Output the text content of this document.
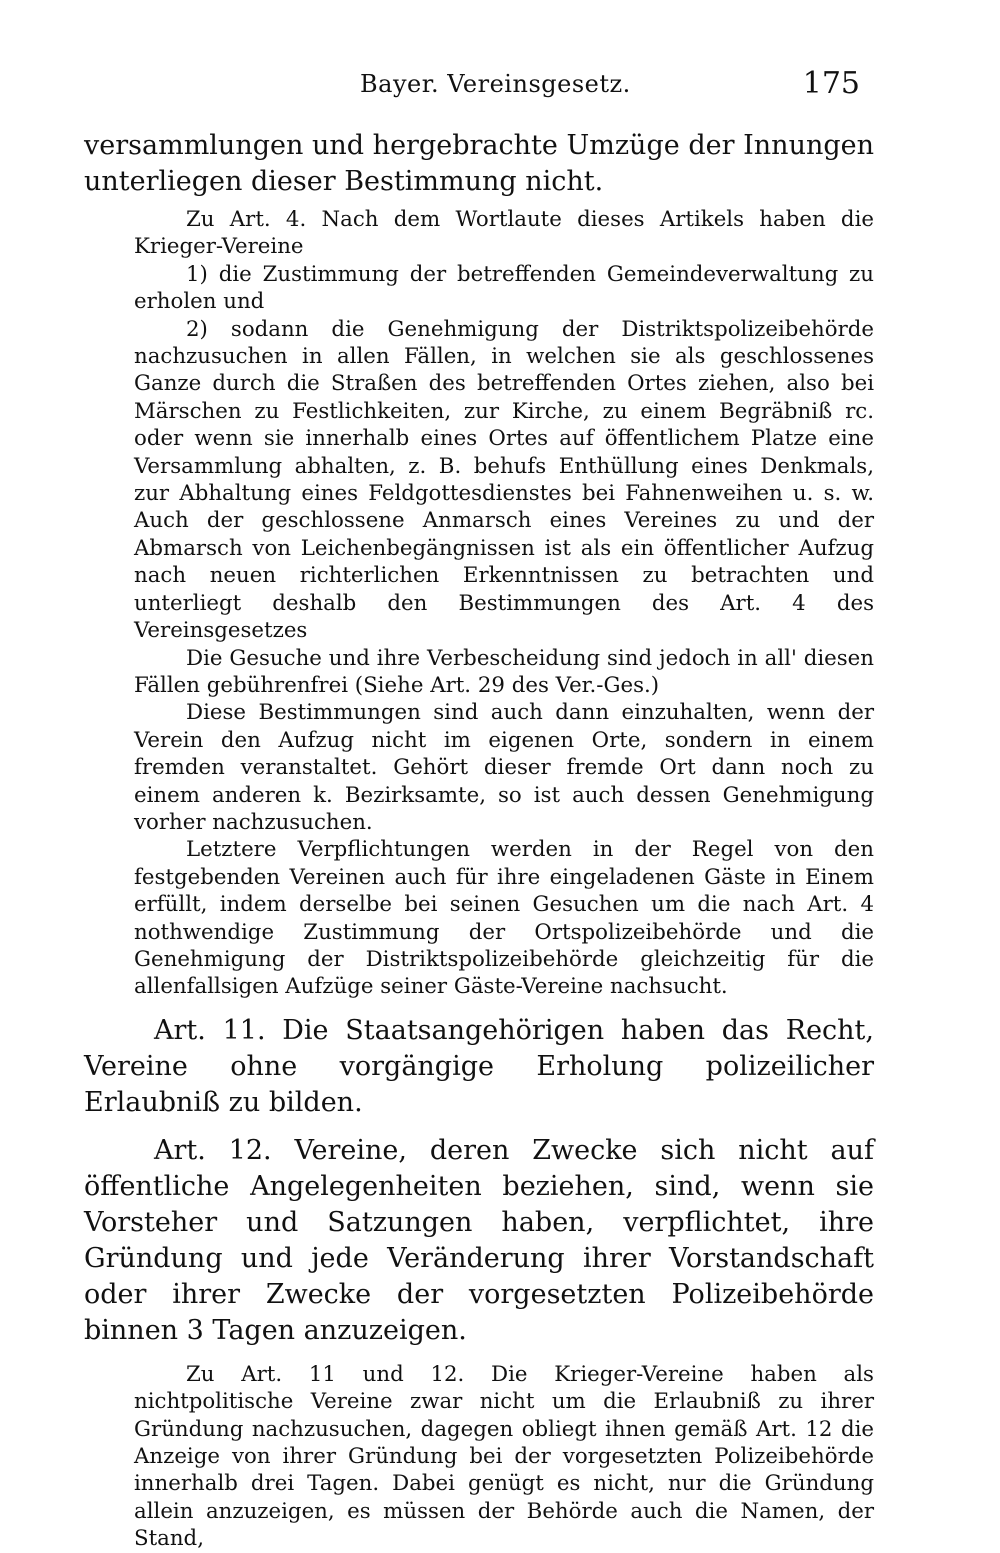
Bayer. Vereinsgesetz.	175

versammlungen und hergebrachte Umzüge der Innungen unterliegen dieser Bestimmung nicht.

Zu Art. 4. Nach dem Wortlaute dieses Artikels haben die Krieger-Vereine

1) die Zustimmung der betreffenden Gemeindeverwaltung zu erholen und

2) sodann die Genehmigung der Distriktspolizeibehörde nachzusuchen in allen Fällen, in welchen sie als geschlossenes Ganze durch die Straßen des betreffenden Ortes ziehen, also bei Märschen zu Festlichkeiten, zur Kirche, zu einem Begräbniß rc. oder wenn sie innerhalb eines Ortes auf öffentlichem Platze eine Versammlung abhalten, z. B. behufs Enthüllung eines Denkmals, zur Abhaltung eines Feldgottesdienstes bei Fahnenweihen u. s. w. Auch der geschlossene Anmarsch eines Vereines zu und der Abmarsch von Leichenbegängnissen ist als ein öffentlicher Aufzug nach neuen richterlichen Erkenntnissen zu betrachten und unterliegt deshalb den Bestimmungen des Art. 4 des Vereinsgesetzes

Die Gesuche und ihre Verbescheidung sind jedoch in all' diesen Fällen gebührenfrei (Siehe Art. 29 des Ver.-Ges.)

Diese Bestimmungen sind auch dann einzuhalten, wenn der Verein den Aufzug nicht im eigenen Orte, sondern in einem fremden veranstaltet. Gehört dieser fremde Ort dann noch zu einem anderen k. Bezirksamte, so ist auch dessen Genehmigung vorher nachzusuchen.

Letztere Verpflichtungen werden in der Regel von den festgebenden Vereinen auch für ihre eingeladenen Gäste in Einem erfüllt, indem derselbe bei seinen Gesuchen um die nach Art. 4 nothwendige Zustimmung der Ortspolizeibehörde und die Genehmigung der Distriktspolizeibehörde gleichzeitig für die allenfallsigen Aufzüge seiner Gäste-Vereine nachsucht.

Art. 11. Die Staatsangehörigen haben das Recht, Vereine ohne vorgängige Erholung polizeilicher Erlaubniß zu bilden.

Art. 12. Vereine, deren Zwecke sich nicht auf öffentliche Angelegenheiten beziehen, sind, wenn sie Vorsteher und Satzungen haben, verpflichtet, ihre Gründung und jede Veränderung ihrer Vorstandschaft oder ihrer Zwecke der vorgesetzten Polizeibehörde binnen 3 Tagen anzuzeigen.

Zu Art. 11 und 12. Die Krieger-Vereine haben als nichtpolitische Vereine zwar nicht um die Erlaubniß zu ihrer Gründung nachzusuchen, dagegen obliegt ihnen gemäß Art. 12 die Anzeige von ihrer Gründung bei der vorgesetzten Polizeibehörde innerhalb drei Tagen. Dabei genügt es nicht, nur die Gründung allein anzuzeigen, es müssen der Behörde auch die Namen, der Stand,
